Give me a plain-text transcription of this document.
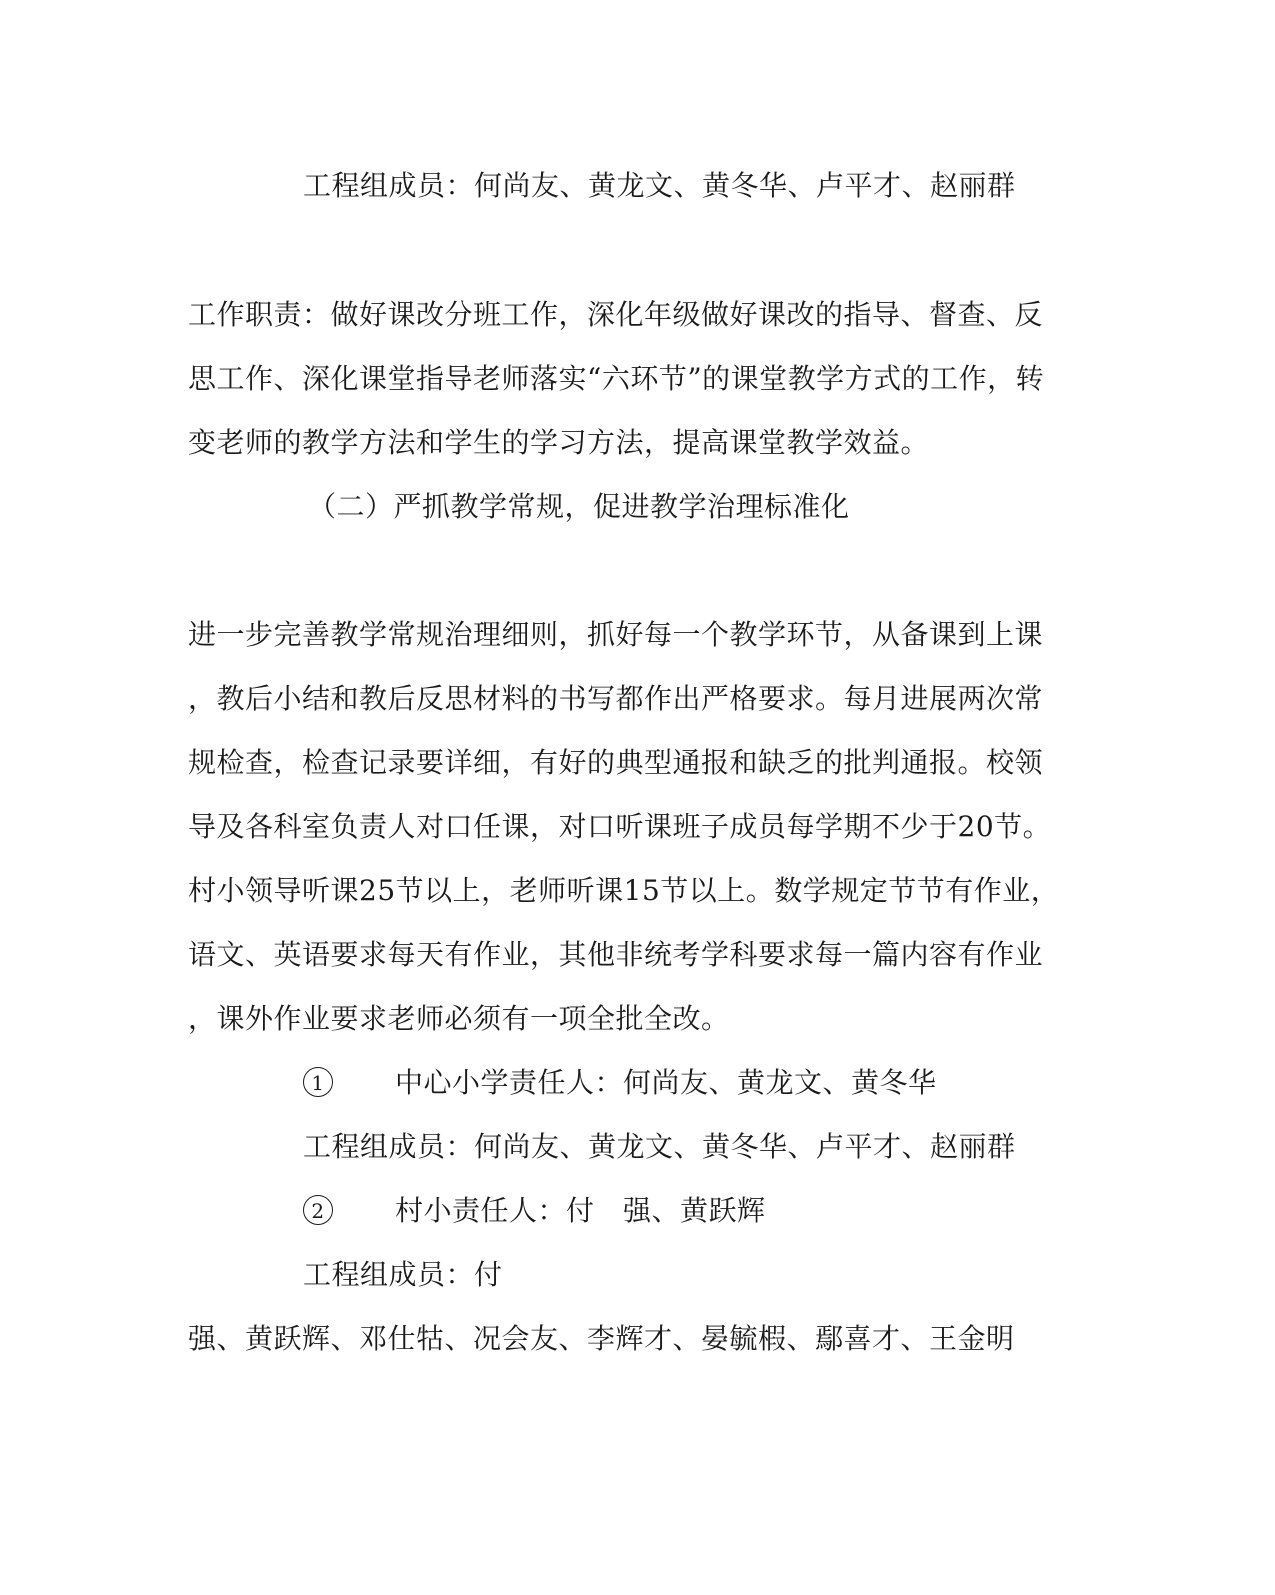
工程组成员：何尚友、黄龙文、黄冬华、卢平才、赵丽群
工作职责：做好课改分班工作，深化年级做好课改的指导、督查、反
思工作、深化课堂指导老师落实“六环节”的课堂教学方式的工作，转
变老师的教学方法和学生的学习方法，提高课堂教学效益。
（二）严抓教学常规，促进教学治理标准化
进一步完善教学常规治理细则，抓好每一个教学环节，从备课到上课
，教后小结和教后反思材料的书写都作出严格要求。每月进展两次常
规检查，检查记录要详细，有好的典型通报和缺乏的批判通报。校领
导及各科室负责人对口任课，对口听课班子成员每学期不少于20节。
村小领导听课25节以上，老师听课15节以上。数学规定节节有作业，
语文、英语要求每天有作业，其他非统考学科要求每一篇内容有作业
，课外作业要求老师必须有一项全批全改。
1	中心小学责任人：何尚友、黄龙文、黄冬华
工程组成员：何尚友、黄龙文、黄冬华、卢平才、赵丽群
2	村小责任人：付　强、黄跃辉
工程组成员：付
强、黄跃辉、邓仕牯、况会友、李辉才、晏毓椵、鄢喜才、王金明
